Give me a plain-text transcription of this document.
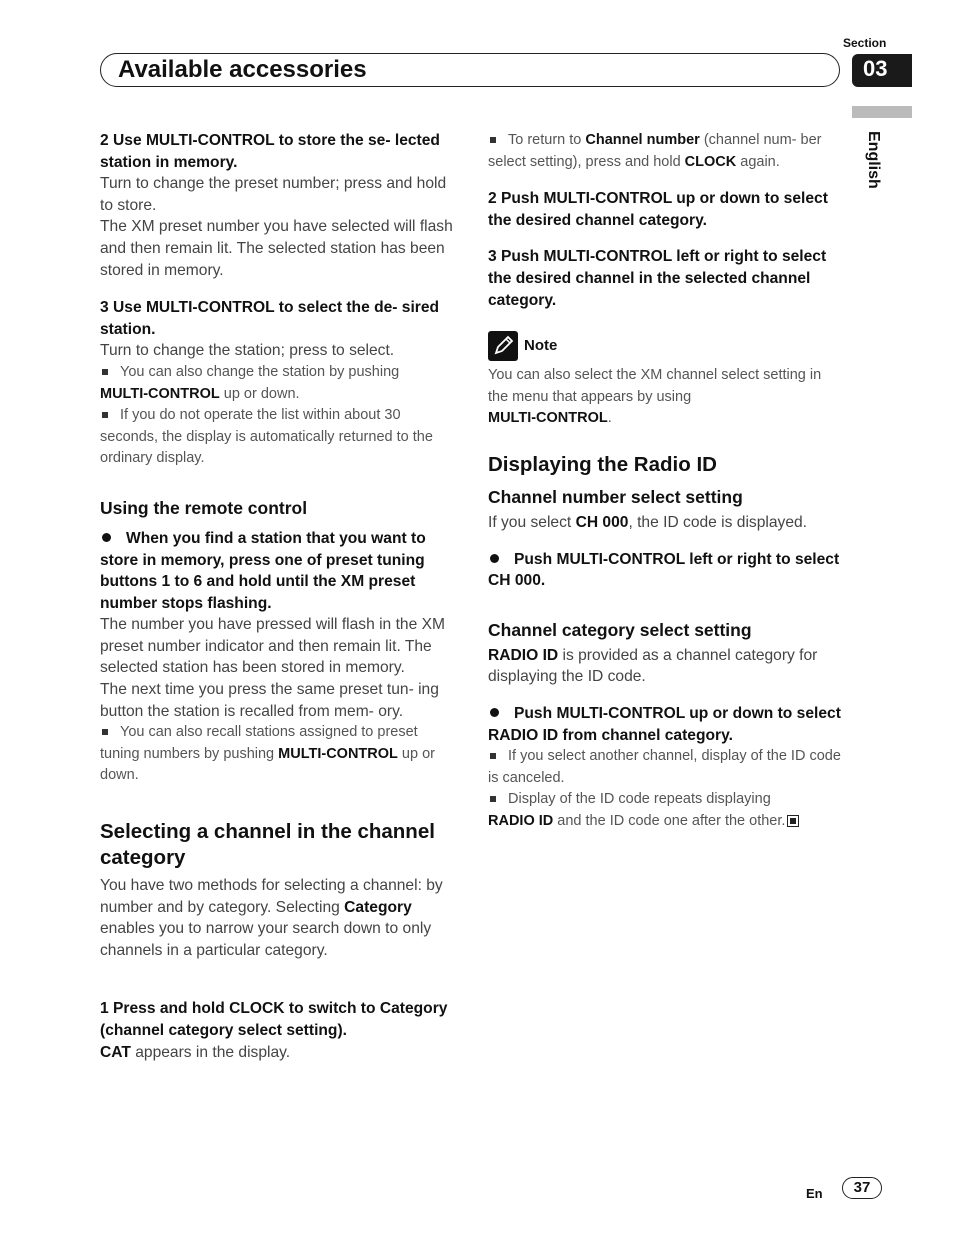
Section
Available accessories	03
English

2 Use MULTI-CONTROL to store the se- lected station in memory.

Turn to change the preset number; press and hold to store.

The XM preset number you have selected will flash and then remain lit. The selected station has been stored in memory.

3 Use MULTI-CONTROL to select the de- sired station.

Turn to change the station; press to select.

You can also change the station by pushing
MULTI-CONTROL up or down.

If you do not operate the list within about 30 seconds, the display is automatically returned to the ordinary display.

Using the remote control

When you find a station that you want to store in memory, press one of preset tuning buttons 1 to 6 and hold until the XM preset number stops flashing.

The number you have pressed will flash in the XM preset number indicator and then remain lit. The selected station has been stored in memory.

The next time you press the same preset tun- ing button the station is recalled from mem- ory.

You can also recall stations assigned to preset tuning numbers by pushing MULTI-CONTROL up or down.

Selecting a channel in the channel category

You have two methods for selecting a channel: by number and by category. Selecting Category enables you to narrow your search down to only channels in a particular category.

1 Press and hold CLOCK to switch to Category (channel category select setting).

CAT appears in the display.

To return to Channel number (channel num- ber select setting), press and hold CLOCK again.

2 Push MULTI-CONTROL up or down to select the desired channel category.

3 Push MULTI-CONTROL left or right to select the desired channel in the selected channel category.

Note

You can also select the XM channel select setting in the menu that appears by using
MULTI-CONTROL.

Displaying the Radio ID

Channel number select setting

If you select CH 000, the ID code is displayed.

Push MULTI-CONTROL left or right to select CH 000.

Channel category select setting

RADIO ID is provided as a channel category for displaying the ID code.

Push MULTI-CONTROL up or down to select RADIO ID from channel category.

If you select another channel, display of the ID code is canceled.

Display of the ID code repeats displaying
RADIO ID and the ID code one after the other.

En	37
